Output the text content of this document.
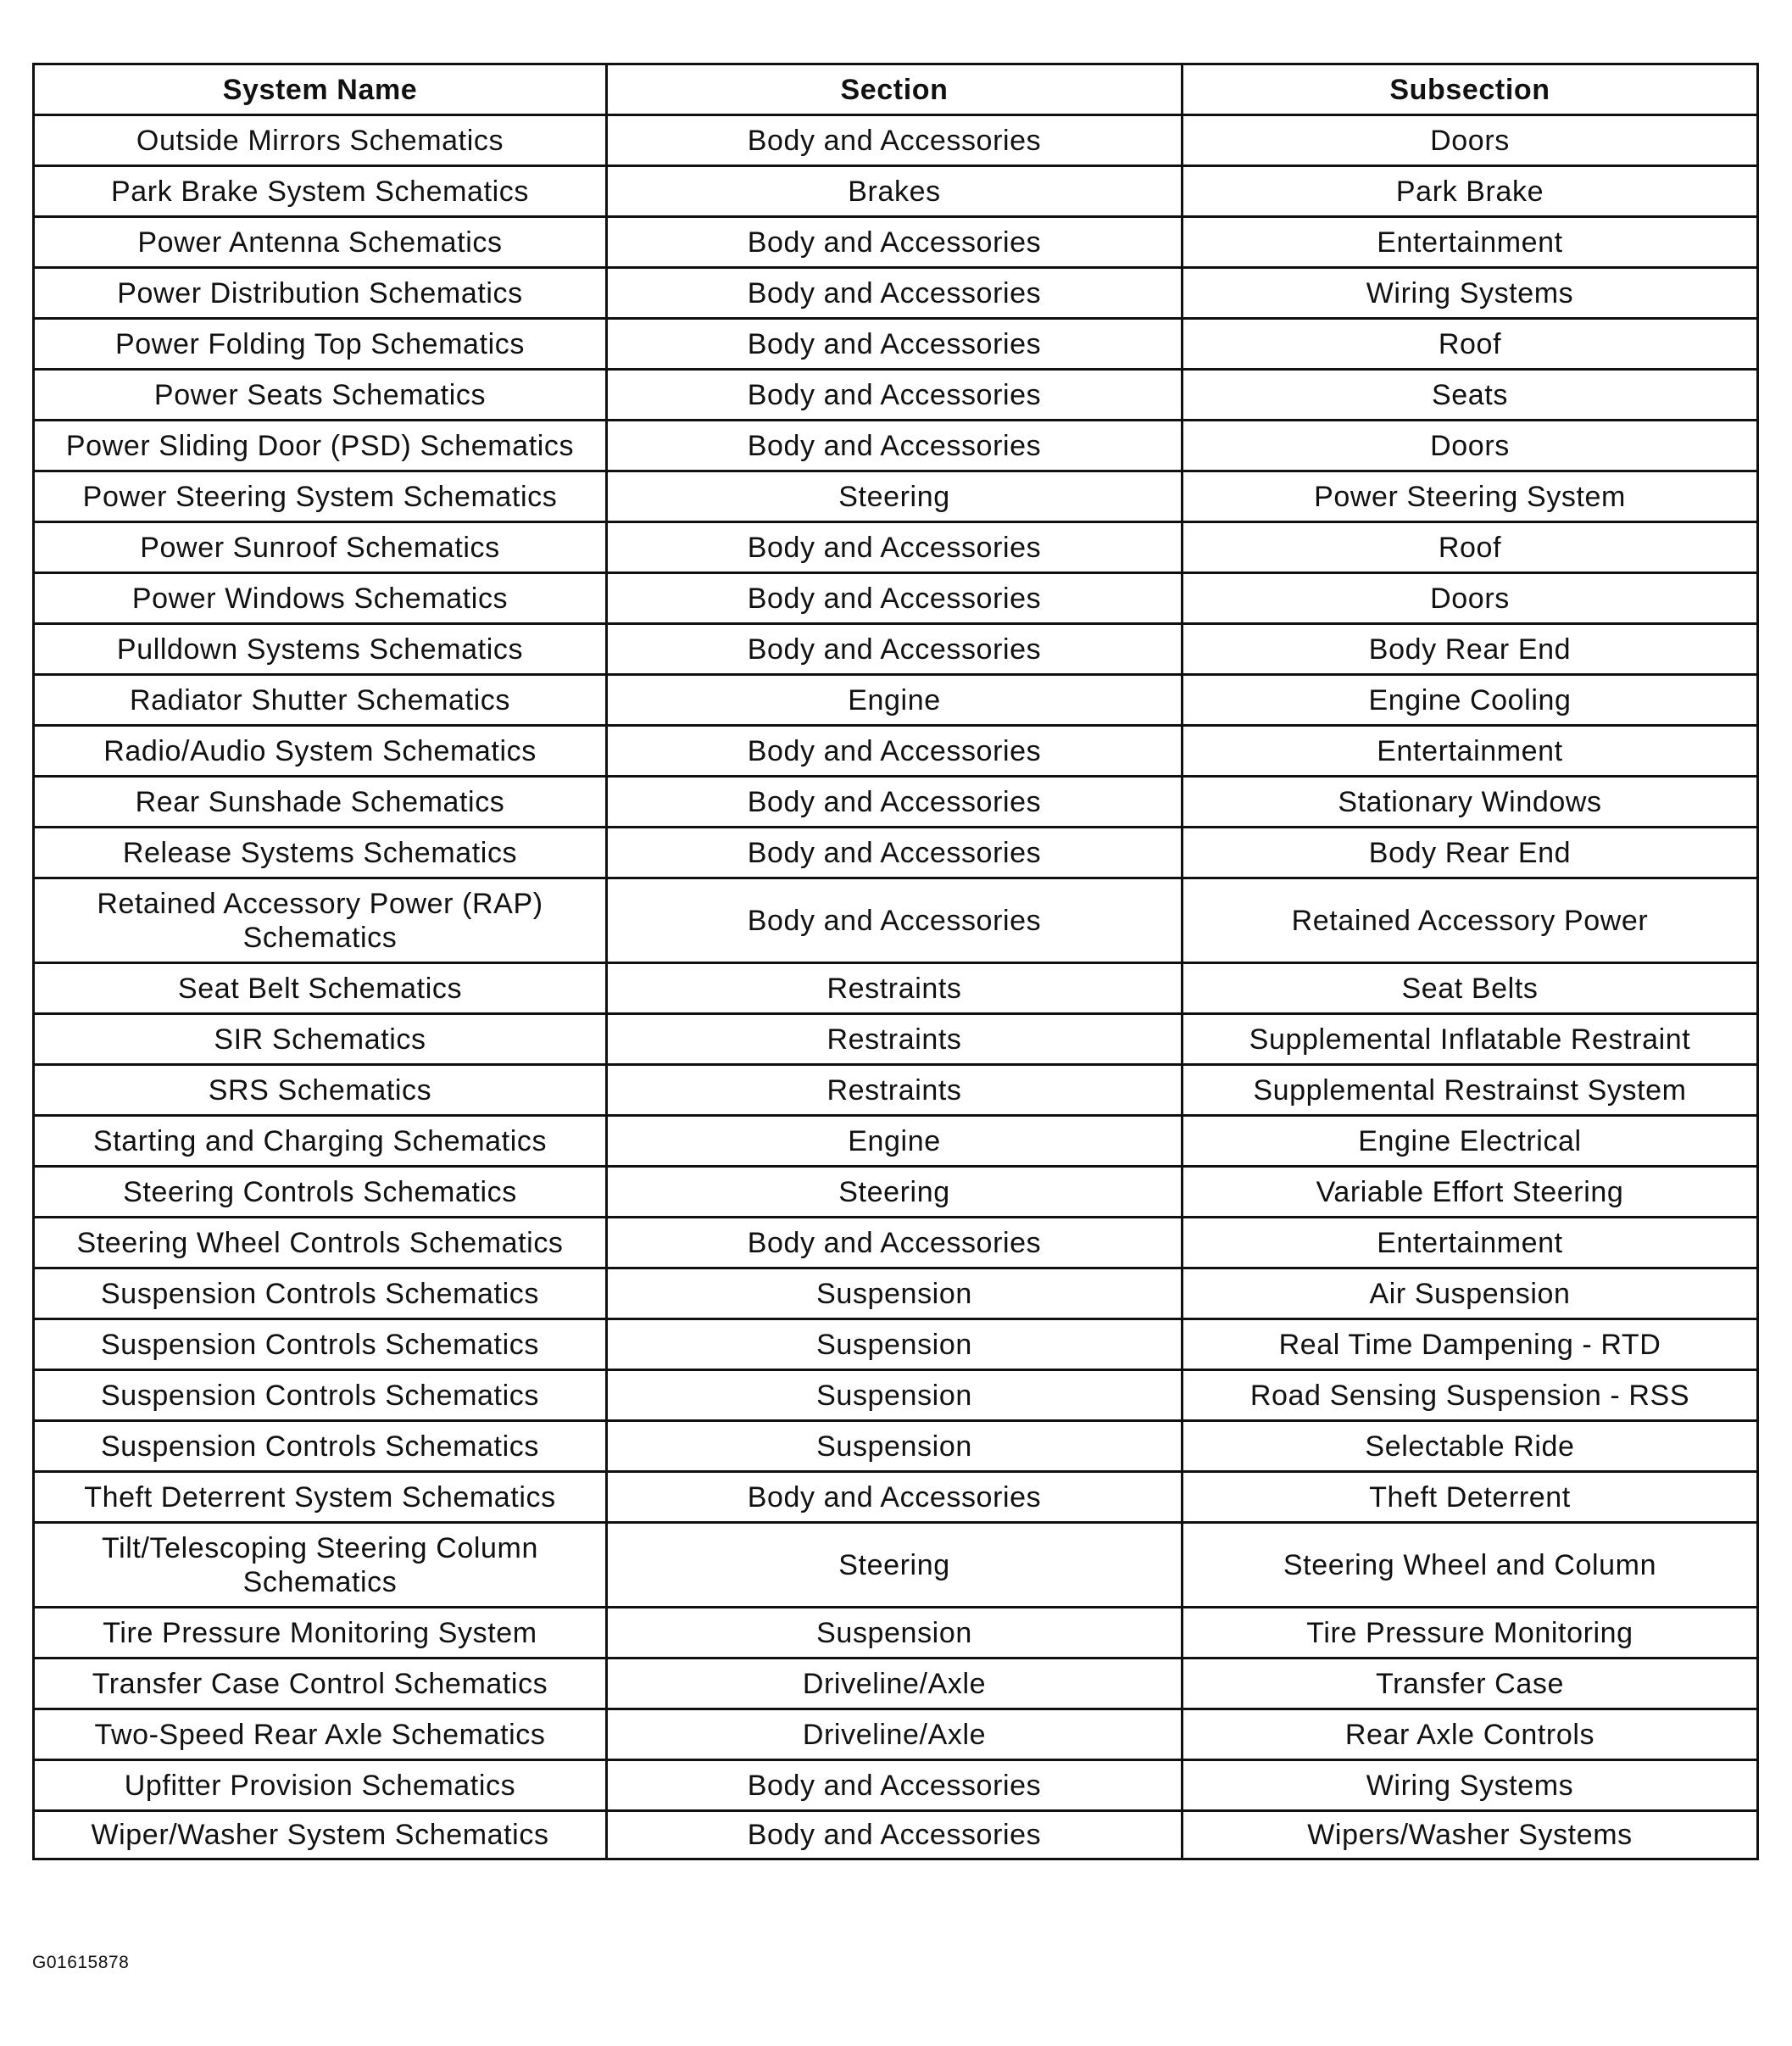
System Name	Section	Subsection
Outside Mirrors Schematics	Body and Accessories	Doors
Park Brake System Schematics	Brakes	Park Brake
Power Antenna Schematics	Body and Accessories	Entertainment
Power Distribution Schematics	Body and Accessories	Wiring Systems
Power Folding Top Schematics	Body and Accessories	Roof
Power Seats Schematics	Body and Accessories	Seats
Power Sliding Door (PSD) Schematics	Body and Accessories	Doors
Power Steering System Schematics	Steering	Power Steering System
Power Sunroof Schematics	Body and Accessories	Roof
Power Windows Schematics	Body and Accessories	Doors
Pulldown Systems Schematics	Body and Accessories	Body Rear End
Radiator Shutter Schematics	Engine	Engine Cooling
Radio/Audio System Schematics	Body and Accessories	Entertainment
Rear Sunshade Schematics	Body and Accessories	Stationary Windows
Release Systems Schematics	Body and Accessories	Body Rear End
Retained Accessory Power (RAP) Schematics	Body and Accessories	Retained Accessory Power
Seat Belt Schematics	Restraints	Seat Belts
SIR Schematics	Restraints	Supplemental Inflatable Restraint
SRS Schematics	Restraints	Supplemental Restrainst System
Starting and Charging Schematics	Engine	Engine Electrical
Steering Controls Schematics	Steering	Variable Effort Steering
Steering Wheel Controls Schematics	Body and Accessories	Entertainment
Suspension Controls Schematics	Suspension	Air Suspension
Suspension Controls Schematics	Suspension	Real Time Dampening - RTD
Suspension Controls Schematics	Suspension	Road Sensing Suspension - RSS
Suspension Controls Schematics	Suspension	Selectable Ride
Theft Deterrent System Schematics	Body and Accessories	Theft Deterrent
Tilt/Telescoping Steering Column Schematics	Steering	Steering Wheel and Column
Tire Pressure Monitoring System	Suspension	Tire Pressure Monitoring
Transfer Case Control Schematics	Driveline/Axle	Transfer Case
Two-Speed Rear Axle Schematics	Driveline/Axle	Rear Axle Controls
Upfitter Provision Schematics	Body and Accessories	Wiring Systems
Wiper/Washer System Schematics	Body and Accessories	Wipers/Washer Systems
G01615878
